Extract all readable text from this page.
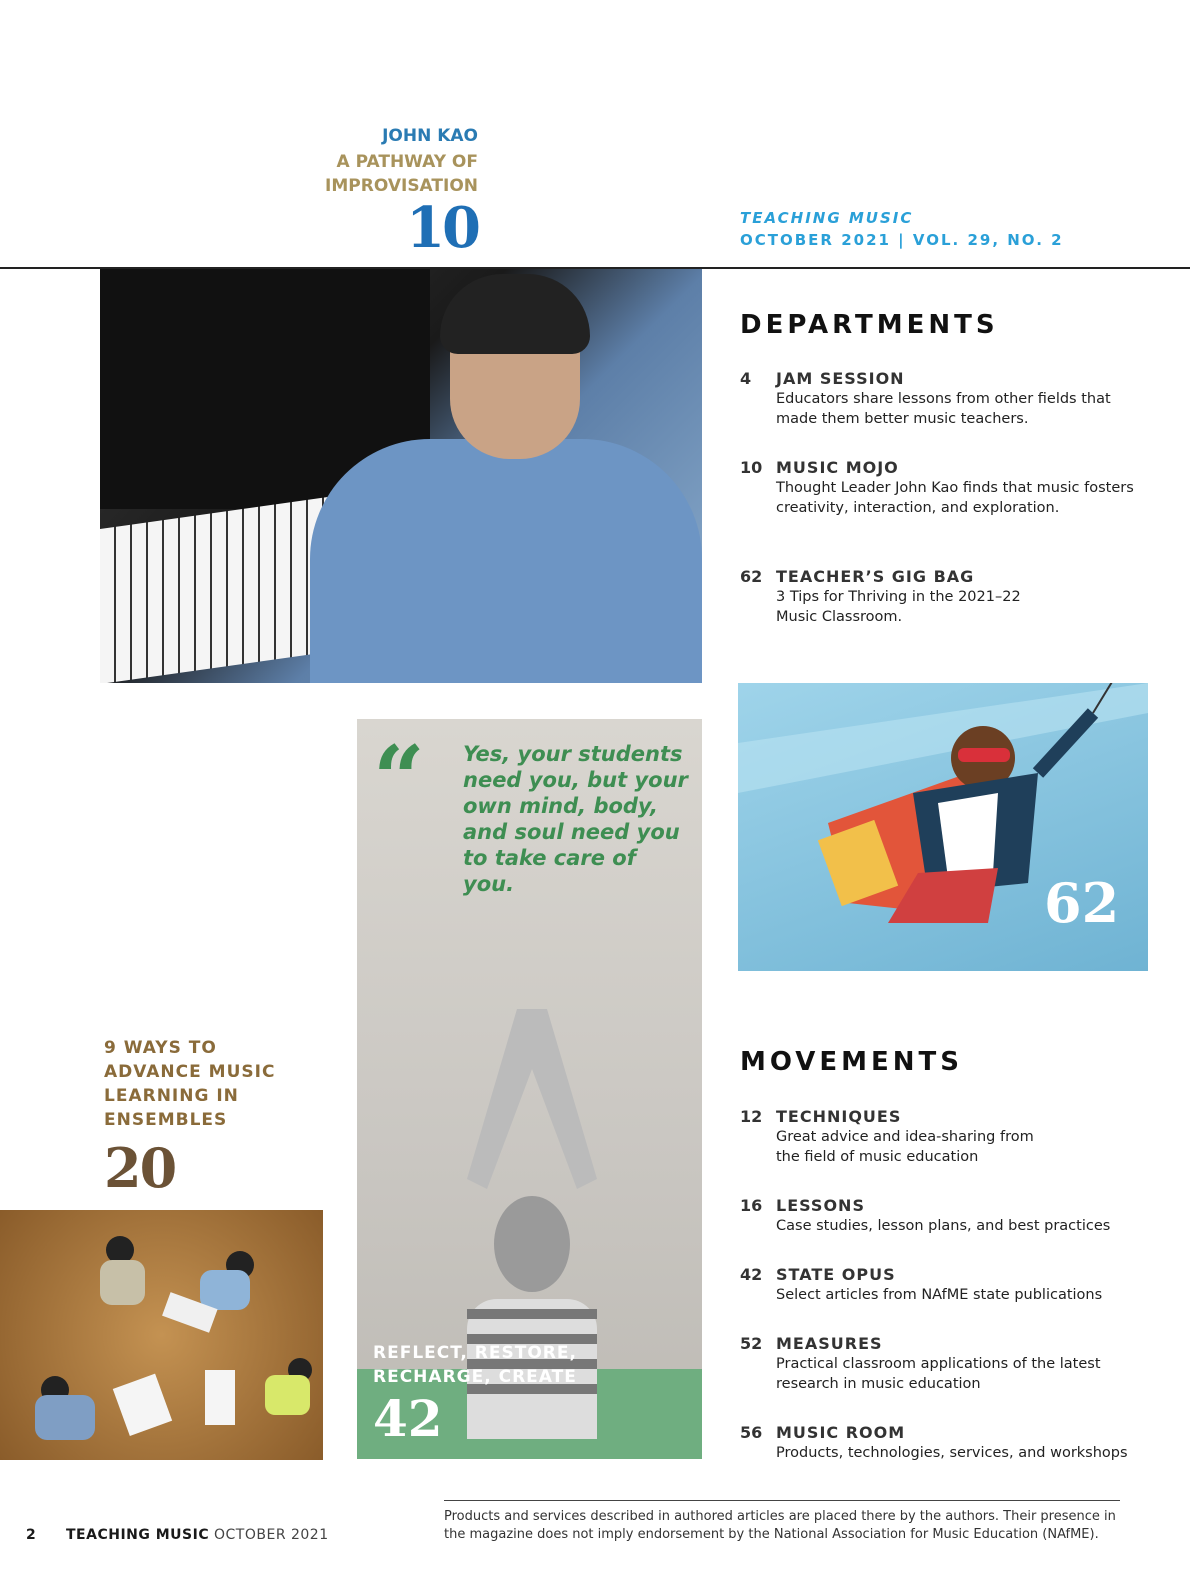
JOHN KAO
A PATHWAY OF
IMPROVISATION
10	TEACHING MUSIC
OCTOBER 2021 | VOL. 29, NO. 2
DEPARTMENTS
4 JAM SESSION
Educators share lessons from other fields that made them better music teachers.
10 MUSIC MOJO
Thought Leader John Kao finds that music fosters creativity, interaction, and exploration.
62 TEACHER’S GIG BAG
3 Tips for Thriving in the 2021–22 Music Classroom.
62
“ Yes, your students need you, but your own mind, body, and soul need you to take care of you.
REFLECT, RESTORE,
RECHARGE, CREATE
42
9 WAYS TO
ADVANCE MUSIC
LEARNING IN
ENSEMBLES
20
MOVEMENTS
12 TECHNIQUES
Great advice and idea-sharing from the field of music education
16 LESSONS
Case studies, lesson plans, and best practices
42 STATE OPUS
Select articles from NAfME state publications
52 MEASURES
Practical classroom applications of the latest research in music education
56 MUSIC ROOM
Products, technologies, services, and workshops
2 TEACHING MUSIC OCTOBER 2021
Products and services described in authored articles are placed there by the authors. Their presence in the magazine does not imply endorsement by the National Association for Music Education (NAfME).
